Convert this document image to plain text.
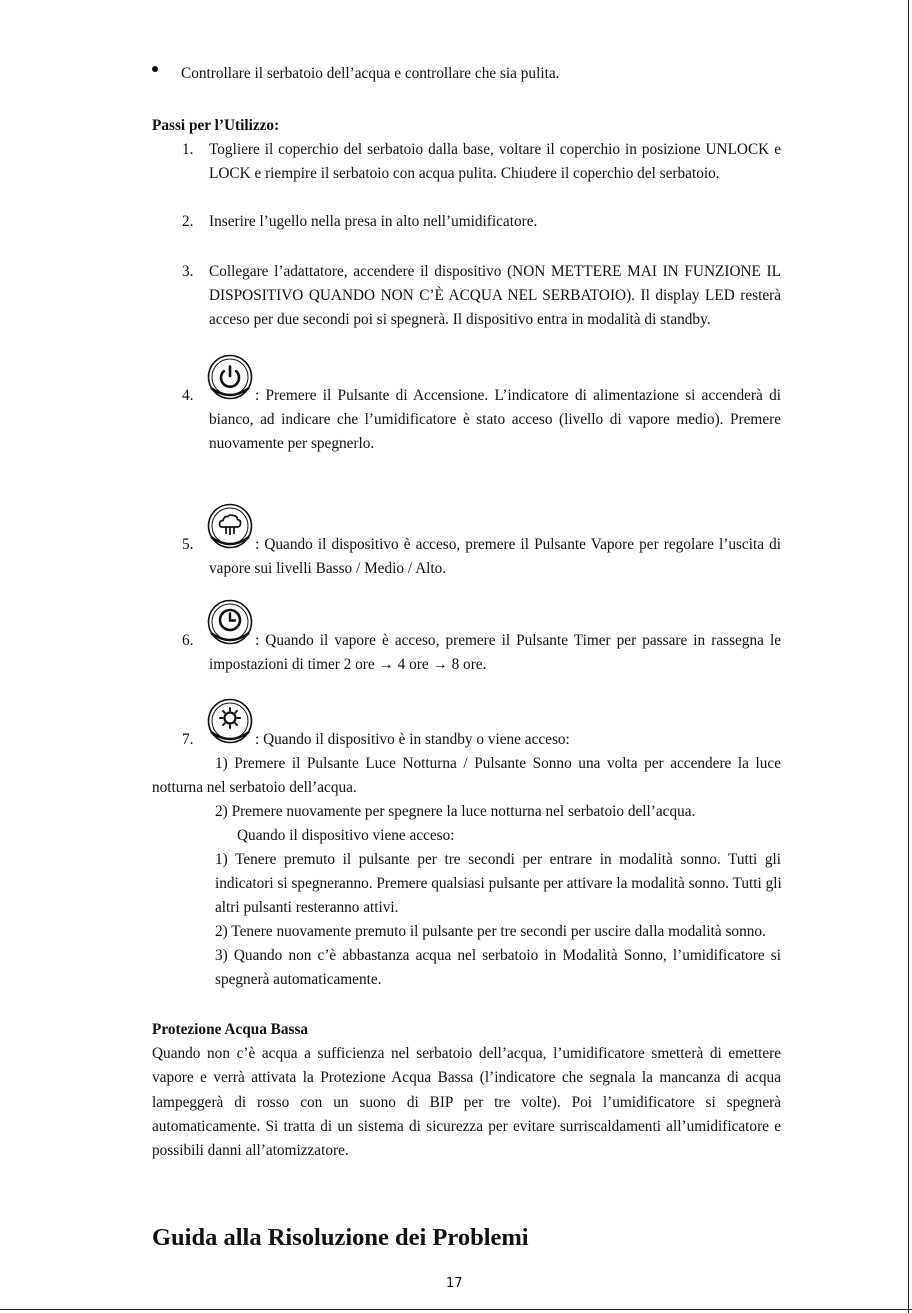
Controllare il serbatoio dell’acqua e controllare che sia pulita.
Passi per l’Utilizzo:
1. Togliere il coperchio del serbatoio dalla base, voltare il coperchio in posizione UNLOCK e
LOCK e riempire il serbatoio con acqua pulita. Chiudere il coperchio del serbatoio.
2. Inserire l’ugello nella presa in alto nell’umidificatore.
3. Collegare l’adattatore, accendere il dispositivo (NON METTERE MAI IN FUNZIONE IL
DISPOSITIVO QUANDO NON C’È ACQUA NEL SERBATOIO). Il display LED resterà
acceso per due secondi poi si spegnerà. Il dispositivo entra in modalità di standby.
4.	: Premere il Pulsante di Accensione. L’indicatore di alimentazione si accenderà di
bianco, ad indicare che l’umidificatore è stato acceso (livello di vapore medio). Premere
nuovamente per spegnerlo.
5.	: Quando il dispositivo è acceso, premere il Pulsante Vapore per regolare l’uscita di
vapore sui livelli Basso / Medio / Alto.
6.	: Quando il vapore è acceso, premere il Pulsante Timer per passare in rassegna le
impostazioni di timer 2 ore → 4 ore → 8 ore.
7.	: Quando il dispositivo è in standby o viene acceso:
1) Premere il Pulsante Luce Notturna / Pulsante Sonno una volta per accendere la luce
notturna nel serbatoio dell’acqua.
2) Premere nuovamente per spegnere la luce notturna nel serbatoio dell’acqua.
Quando il dispositivo viene acceso:
1) Tenere premuto il pulsante per tre secondi per entrare in modalità sonno. Tutti gli
indicatori si spegneranno. Premere qualsiasi pulsante per attivare la modalità sonno. Tutti gli
altri pulsanti resteranno attivi.
2) Tenere nuovamente premuto il pulsante per tre secondi per uscire dalla modalità sonno.
3) Quando non c’è abbastanza acqua nel serbatoio in Modalità Sonno, l’umidificatore si
spegnerà automaticamente.
Protezione Acqua Bassa
Quando non c’è acqua a sufficienza nel serbatoio dell’acqua, l’umidificatore smetterà di emettere
vapore e verrà attivata la Protezione Acqua Bassa (l’indicatore che segnala la mancanza di acqua
lampeggerà di rosso con un suono di BIP per tre volte). Poi l’umidificatore si spegnerà
automaticamente. Si tratta di un sistema di sicurezza per evitare surriscaldamenti all’umidificatore e
possibili danni all’atomizzatore.
Guida alla Risoluzione dei Problemi
17
